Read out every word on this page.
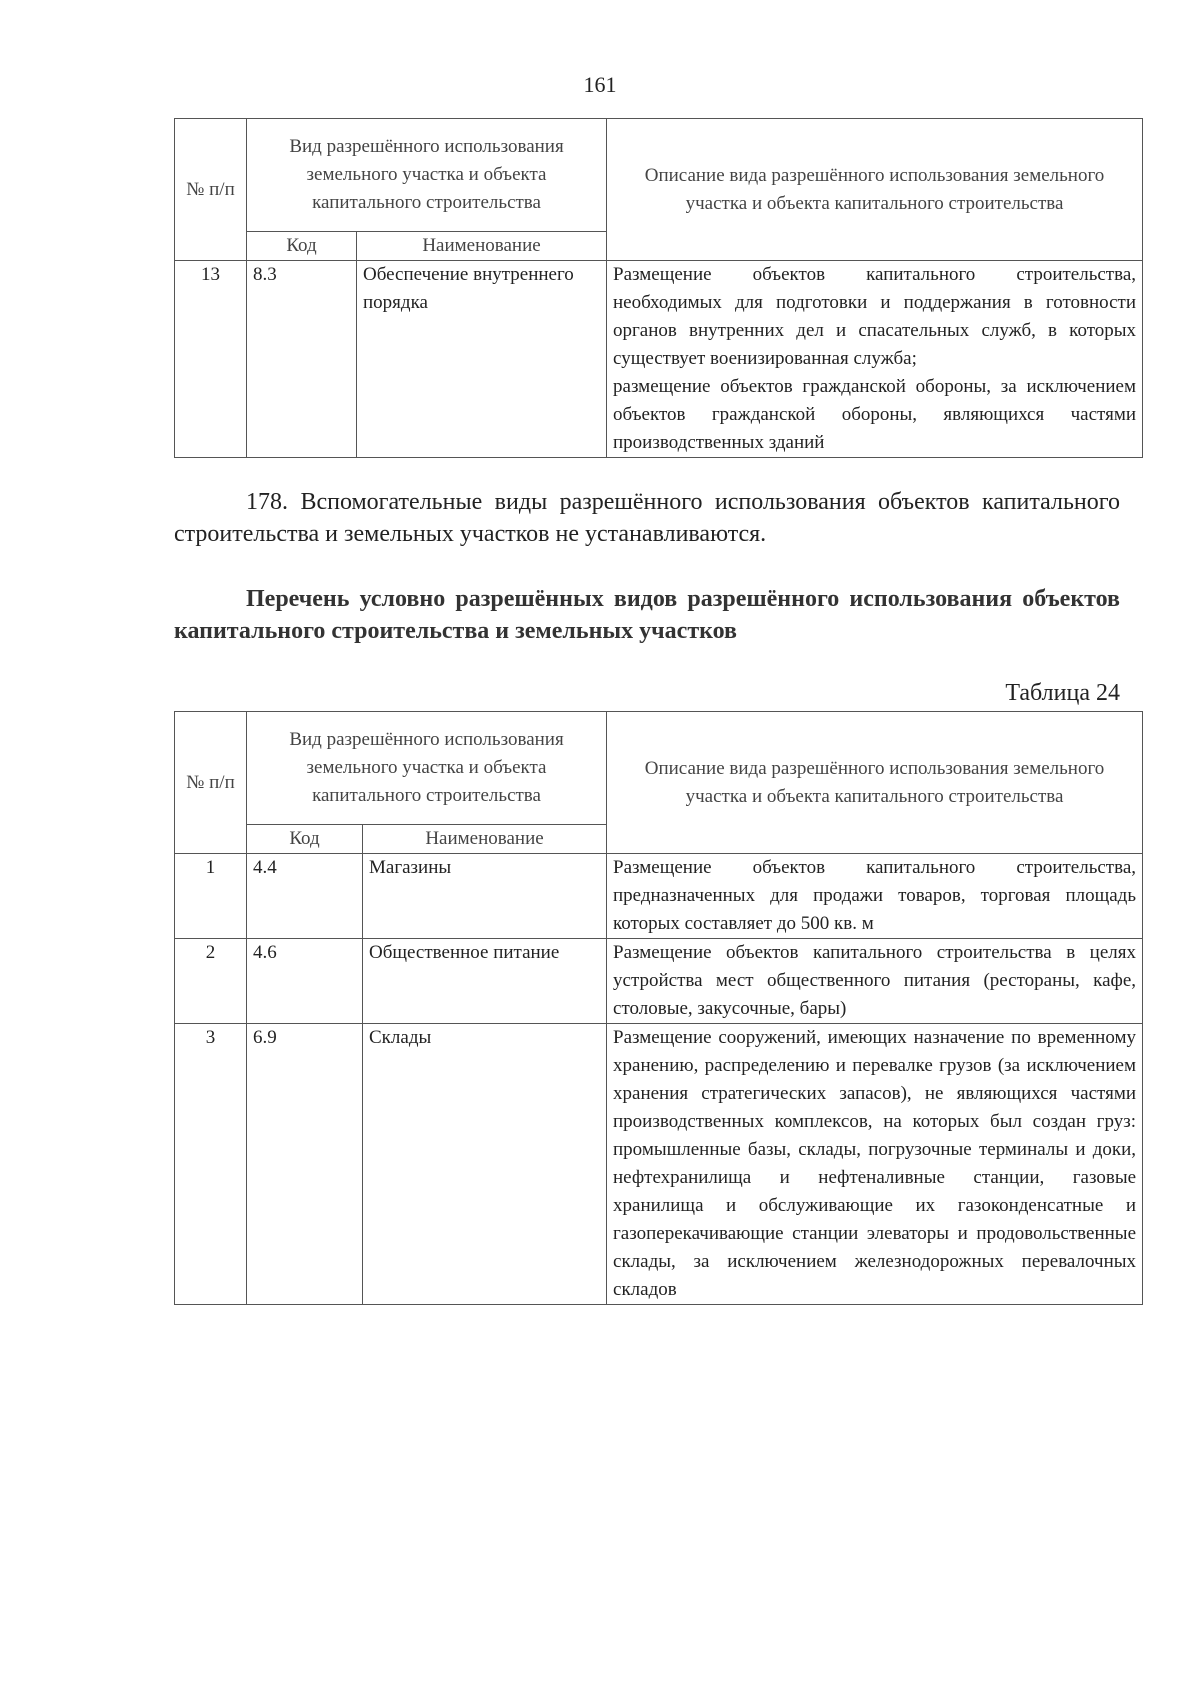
161
№ п/п	Вид разрешённого использования земельного участка и объекта капитального строительства		Описание вида разрешённого использования земельного участка и объекта капитального строительства
	Код	Наименование	
13	8.3	Обеспечение внутреннего порядка	Размещение объектов капитального строительства, необходимых для подготовки и поддержания в готовности органов внутренних дел и спасательных служб, в которых существует военизированная служба;
размещение объектов гражданской обороны, за исключением объектов гражданской обороны, являющихся частями производственных зданий
178. Вспомогательные виды разрешённого использования объектов капитального строительства и земельных участков не устанавливаются.
Перечень условно разрешённых видов разрешённого использования объектов капитального строительства и земельных участков
Таблица 24
№ п/п	Вид разрешённого использования земельного участка и объекта капитального строительства		Описание вида разрешённого использования земельного участка и объекта капитального строительства
	Код	Наименование	
1	4.4	Магазины	Размещение объектов капитального строительства, предназначенных для продажи товаров, торговая площадь которых составляет до 500 кв. м

2	4.6	Общественное питание	Размещение объектов капитального строительства в целях устройства мест общественного питания (рестораны, кафе, столовые, закусочные, бары)

3	6.9	Склады	Размещение сооружений, имеющих назначение по временному хранению, распределению и перевалке грузов (за исключением хранения стратегических запасов), не являющихся частями производственных комплексов, на которых был создан груз: промышленные базы, склады, погрузочные терминалы и доки, нефтехранилища и нефтеналивные станции, газовые хранилища и обслуживающие их газоконденсатные и газоперекачивающие станции элеваторы и продовольственные склады, за исключением железнодорожных перевалочных складов
